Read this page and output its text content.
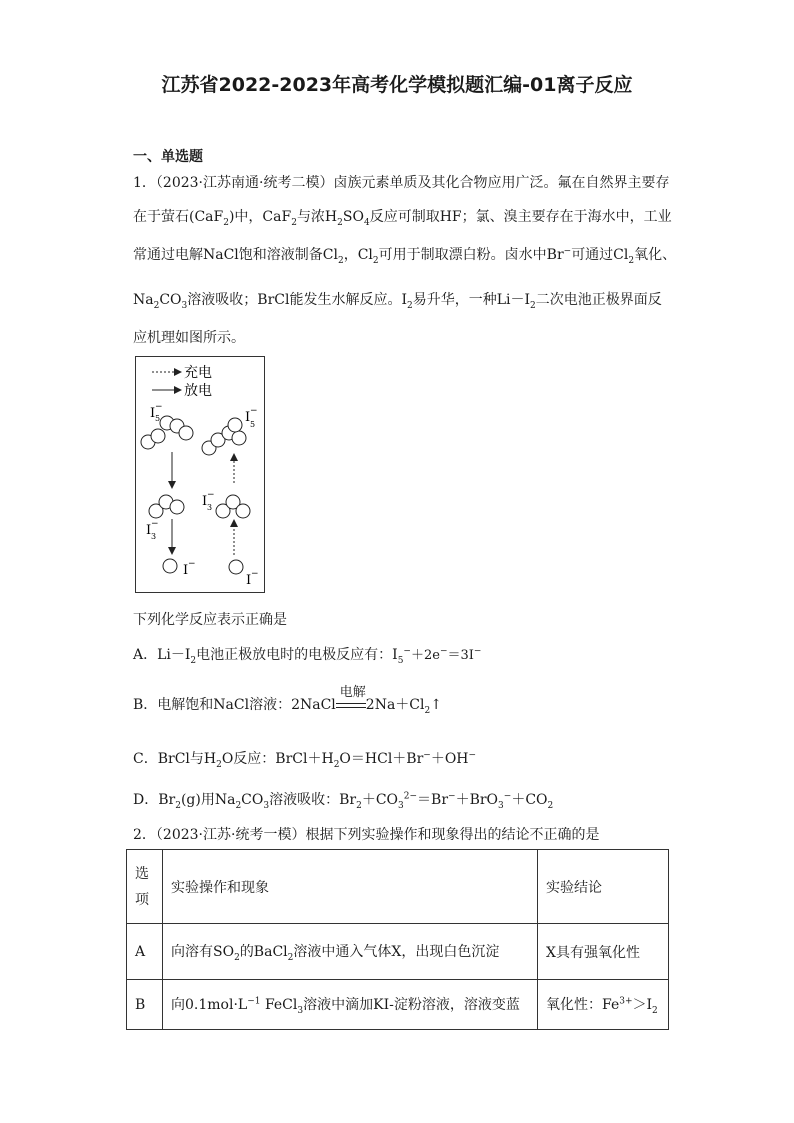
江苏省2022-2023年高考化学模拟题汇编-01离子反应
一、单选题
1．（2023·江苏南通·统考二模）卤族元素单质及其化合物应用广泛。氟在自然界主要存
在于萤石(CaF$_2$)中，CaF$_2$与浓$H_2SO_4$反应可制取HF；氯、溴主要存在于海水中，工业
常通过电解NaCl饱和溶液制备$Cl_2$，$Cl_2$可用于制取漂白粉。卤水中Br−可通过$Cl_2$氧化、
$Na_2CO_3$溶液吸收；BrCl能发生水解反应。$I_2$易升华，一种$Li-I_2$二次电池正极界面反
应机理如图所示。
充电
放电
I −
5	I −
5
I −
3
I −
3
I −
I −
下列化学反应表示正确是
A．$Li-I_2$电池正极放电时的电极反应有：$I_5^-+2e^-=3I^-$
B．电解饱和NaCl溶液：2NaCl
电解
$2Na+Cl_2↑$
C．BrCl与$H_2O$反应：$BrCl+H_2O=HCl+Br^-+OH^-$
D．$Br_2(g)$用$Na_2CO_3$溶液吸收：$Br_2+CO_3^{2-}=Br^-+BrO_3^-+CO_2$
2．（2023·江苏·统考一模）根据下列实验操作和现象得出的结论不正确的是
选项	实验操作和现象	实验结论
A	向溶有$SO_2$的BaCl$_2$溶液中通入气体X，出现白色沉淀	X具有强氧化性
B	向$0.1mol\cdot L^{-1}$ FeCl$_3$溶液中滴加KI-淀粉溶液，溶液变蓝	氧化性：$Fe^{3+}>I_2$
